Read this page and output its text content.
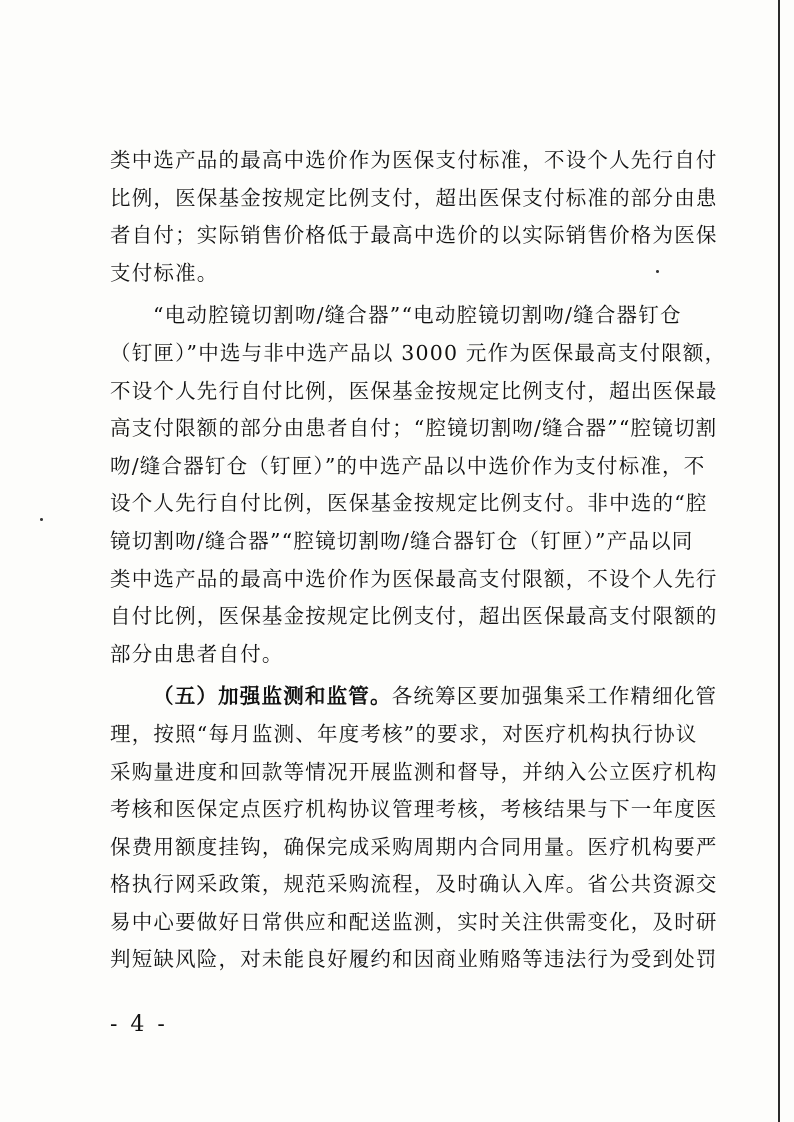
类中选产品的最高中选价作为医保支付标准，不设个人先行自付
比例，医保基金按规定比例支付，超出医保支付标准的部分由患
者自付；实际销售价格低于最高中选价的以实际销售价格为医保
支付标准。
“电动腔镜切割吻/缝合器”“电动腔镜切割吻/缝合器钉仓
（钉匣）”中选与非中选产品以 3000 元作为医保最高支付限额，
不设个人先行自付比例，医保基金按规定比例支付，超出医保最
高支付限额的部分由患者自付；“腔镜切割吻/缝合器”“腔镜切割
吻/缝合器钉仓（钉匣）”的中选产品以中选价作为支付标准，不
设个人先行自付比例，医保基金按规定比例支付。非中选的“腔
镜切割吻/缝合器”“腔镜切割吻/缝合器钉仓（钉匣）”产品以同
类中选产品的最高中选价作为医保最高支付限额，不设个人先行
自付比例，医保基金按规定比例支付，超出医保最高支付限额的
部分由患者自付。
（五）加强监测和监管。各统筹区要加强集采工作精细化管
理，按照“每月监测、年度考核”的要求，对医疗机构执行协议
采购量进度和回款等情况开展监测和督导，并纳入公立医疗机构
考核和医保定点医疗机构协议管理考核，考核结果与下一年度医
保费用额度挂钩，确保完成采购周期内合同用量。医疗机构要严
格执行网采政策，规范采购流程，及时确认入库。省公共资源交
易中心要做好日常供应和配送监测，实时关注供需变化，及时研
判短缺风险，对未能良好履约和因商业贿赂等违法行为受到处罚
- 4 -
